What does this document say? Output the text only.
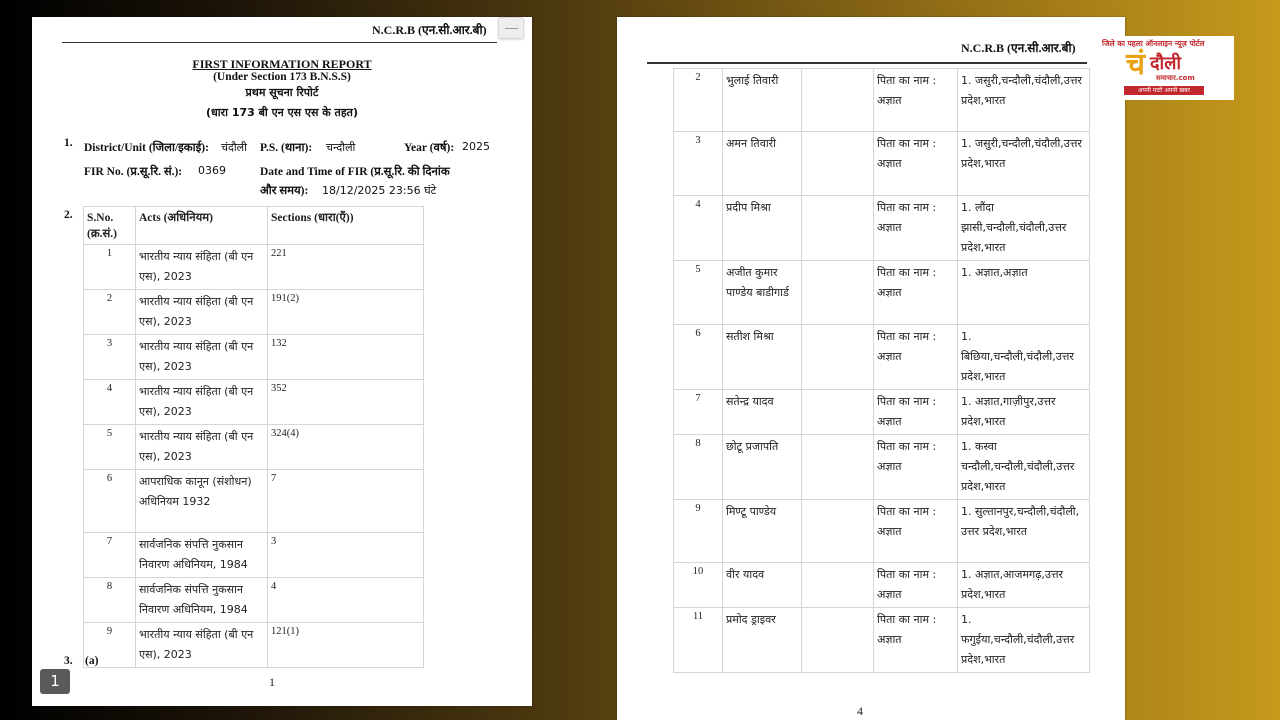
N.C.R.B (एन.सी.आर.बी)
FIRST INFORMATION REPORT
(Under Section 173 B.N.S.S)
प्रथम सूचना रिपोर्ट
(धारा 173 बी एन एस एस के तहत)
1. District/Unit (जिला/इकाई): चंदौली P.S. (थाना): चन्दौली	Year (वर्ष): 2025
FIR No. (प्र.सू.रि. सं.): 0369	Date and Time of FIR (प्र.सू.रि. की दिनांक
और समय): 18/12/2025 23:56 घंटे
2. S.No. (क्र.सं.)	Acts (अधिनियम)	Sections (धारा(एँ))
1	भारतीय न्याय संहिता (बी एन एस), 2023	221
2	भारतीय न्याय संहिता (बी एन एस), 2023	191(2)
3	भारतीय न्याय संहिता (बी एन एस), 2023	132
4	भारतीय न्याय संहिता (बी एन एस), 2023	352
5	भारतीय न्याय संहिता (बी एन एस), 2023	324(4)
6	आपराधिक कानून (संशोधन) अधिनियम 1932	7
7	सार्वजनिक संपत्ति नुकसान निवारण अधिनियम, 1984	3
8	सार्वजनिक संपत्ति नुकसान निवारण अधिनियम, 1984	4
9	भारतीय न्याय संहिता (बी एन एस), 2023	121(1)
3. (a)
1	1
N.C.R.B (एन.सी.आर.बी)
2	भुलाई तिवारी		पिता का नाम : अज्ञात	1. जसुरी,चन्दौली,चंदौली,उत्तर प्रदेश,भारत
3	अमन तिवारी		पिता का नाम : अज्ञात	1. जसुरी,चन्दौली,चंदौली,उत्तर प्रदेश,भारत
4	प्रदीप मिश्रा		पिता का नाम : अज्ञात	1. लौंदा झासी,चन्दौली,चंदौली,उत्तर प्रदेश,भारत
5	अजीत कुमार पाण्डेय बाडीगार्ड		पिता का नाम : अज्ञात	1. अज्ञात,अज्ञात
6	सतीश मिश्रा		पिता का नाम : अज्ञात	1. बिछिया,चन्दौली,चंदौली,उत्तर प्रदेश,भारत
7	सतेन्द्र यादव		पिता का नाम : अज्ञात	1. अज्ञात,गाज़ीपुर,उत्तर प्रदेश,भारत
8	छोटू प्रजापति		पिता का नाम : अज्ञात	1. कस्वा चन्दौली,चन्दौली,चंदौली,उत्तर प्रदेश,भारत
9	मिण्टू पाण्डेय		पिता का नाम : अज्ञात	1. सुल्तानपुर,चन्दौली,चंदौली, उत्तर प्रदेश,भारत
10	वीर यादव		पिता का नाम : अज्ञात	1. अज्ञात,आजमगढ़,उत्तर प्रदेश,भारत
11	प्रमोद ड्राइवर		पिता का नाम : अज्ञात	1. फगुईया,चन्दौली,चंदौली,उत्तर प्रदेश,भारत
4
जिले का पहला ऑनलाइन न्यूज़ पोर्टल
चं दौली
समाचार.com
अपनी माटी अपनी खबर
